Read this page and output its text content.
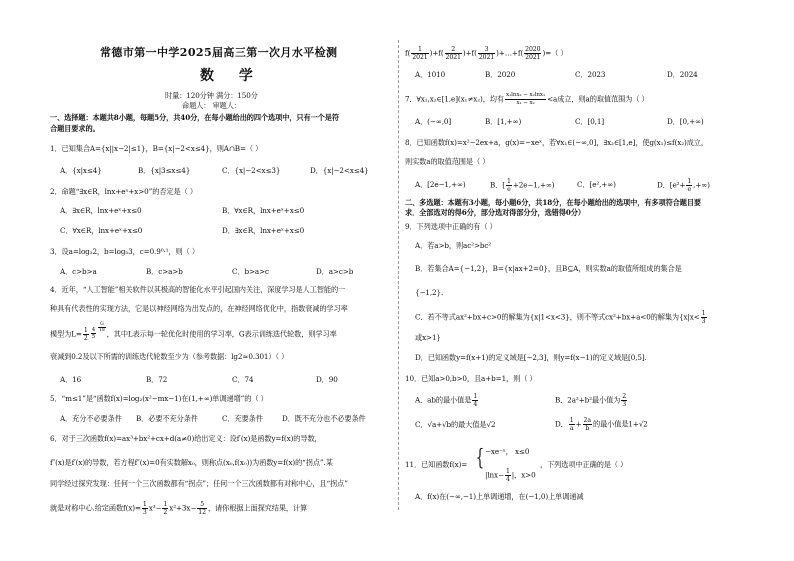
常德市第一中学2025届高三第一次月水平检测
数 学
时量：120分钟 满分：150分
命题人： 审题人：
一、选择题：本题共8小题，每题5分，共40分，在每小题给出的四个选项中，只有一个是符
合题目要求的。
1．已知集合A={x||x−2|≤1}，B={x|−2<x≤4}，则A∩B=（ ）
A．{x|x≤4}	B．{x|3≤x≤4}	C．{x|−2<x≤3}	D．{x|−2<x≤4}
2．命题“∃x∈R，lnx+eˣ+x>0”的否定是（ ）
A．∃x∈R，lnx+eˣ+x≤0	B．∀x∈R，lnx+eˣ+x≤0
C．∀x∈R，lnx+eˣ+x≤0	D．∃x∈R，lnx+eˣ+x≤0
3．设a=log₃2，b=log₅3，c=0.9⁰·¹，则（ ）
A．c>b>a	B．c>a>b	C．b>a>c	D．a>c>b
4．近年，“人工智能”相关软件以其极高的智能化水平引起国内关注，深度学习是人工智能的一
种具有代表性的实现方法，它是以神经网络为出发点的，在神经网络优化中，指数衰减的学习率
模型为$L= \frac{1}{2} \frac{4}{5} \frac{G}{18}$
，其中L表示每一轮优化时使用的学习率，G表示训练迭代轮数，则学习率
衰减到0.2及以下所需的训练迭代轮数至少为（参考数据：lg2≈0.301）（ ）
A．16	B．72	C．74	D．90
5．“m≤1”是“函数f(x)=log₂(x²−mx−1)在(1,+∞)单调递增”的（ ）
A．充分不必要条件 B．必要不充分条件	C．充要条件	D．既不充分也不必要条件
6．对于三次函数f(x)=ax³+bx²+cx+d(a≠0)给出定义：设f′(x)是函数y=f(x)的导数，
f″(x)是f′(x)的导数，若方程f″(x)=0有实数解x₀，则称点(x₀,f(x₀))为函数y=f(x)的“拐点”.某
同学经过探究发现：任何一个三次函数都有“拐点”；任何一个三次函数都有对称中心，且“拐点”
就是对称中心.给定函数$f(x)= \frac{1}{3} x^3- \frac{1}{2} x^2+3x- \frac{5}{12}$ ，请你根据上面探究结果，计算
$f( \frac{1}{2021} )+f( \frac{2}{2021} )+f( \frac{3}{2021}$ )+…+f( $\frac{2020}{2021}$ )=（ ）
A．1010	B．2020	C．2023	D．2024
7．∀x₁,x₂∈[1,e](x₁≠x₂)，均有 $\frac{\text{x₁lnx₂ − x₂lnx₁}}{\text{x₁ − x₂}} <a$成立，则a的取值范围为（ ）
A．(−∞,0]	B．[1,+∞)	C．[0,1]	D．[0,+∞)
8．已知函数f(x)=x²−2ex+a，g(x)=−xeˣ，若∀x₁∈(−∞,0]，∃x₂∈[1,e]，使g(x₁)≤f(x₂)成立，
则实数a的取值范围是（ ）
A．[2e−1,+∞)	B．[ $\frac{1}{e} +2e-1,+\infty$)	C．[e²,+∞)	D．[$e^2+ \frac{1}{e}$ ,+∞)
二、多选题：本题有3小题，每小题6分，共18分，在每小题给出的选项中，有多项符合题目要
求．全部选对的得6分，部分选对得部分分，选错得0分）
9．下列选项中正确的有（ ）
A．若a>b，则ac²>bc²
B．若集合A={−1,2}，B={x|ax+2=0}，且B⊆A，则实数a的取值所组成的集合是
{−1,2}.
C．若不等式ax²+bx+c>0的解集为{x|1<x<3}，则不等式cx²+bx+a<0的解集为{$x|x< \frac{1}{3}$
或x>1}
D．已知函数y=f(x+1)的定义域是[−2,3]，则y=f(x−1)的定义域是[0,5].
10．已知a>0,b>0，且a+b=1，则（ ）
A．ab的最小值是 $\frac{1}{4}$	B．2a²+b²最小值为 $\frac{2}{3}$
C．√a+√b的最大值是√2	D． $\frac{1}{a} + \frac{2a}{b}$ 的最小值是1+√2
11．已知函数f(x)= { −xe⁻ˣ， x≤0
$|\ln x- \frac{1}{4}$ |，x>0
，下列选项中正确的是（ ）
A．f(x)在(−∞,−1)上单调递增，在(−1,0)上单调递减
